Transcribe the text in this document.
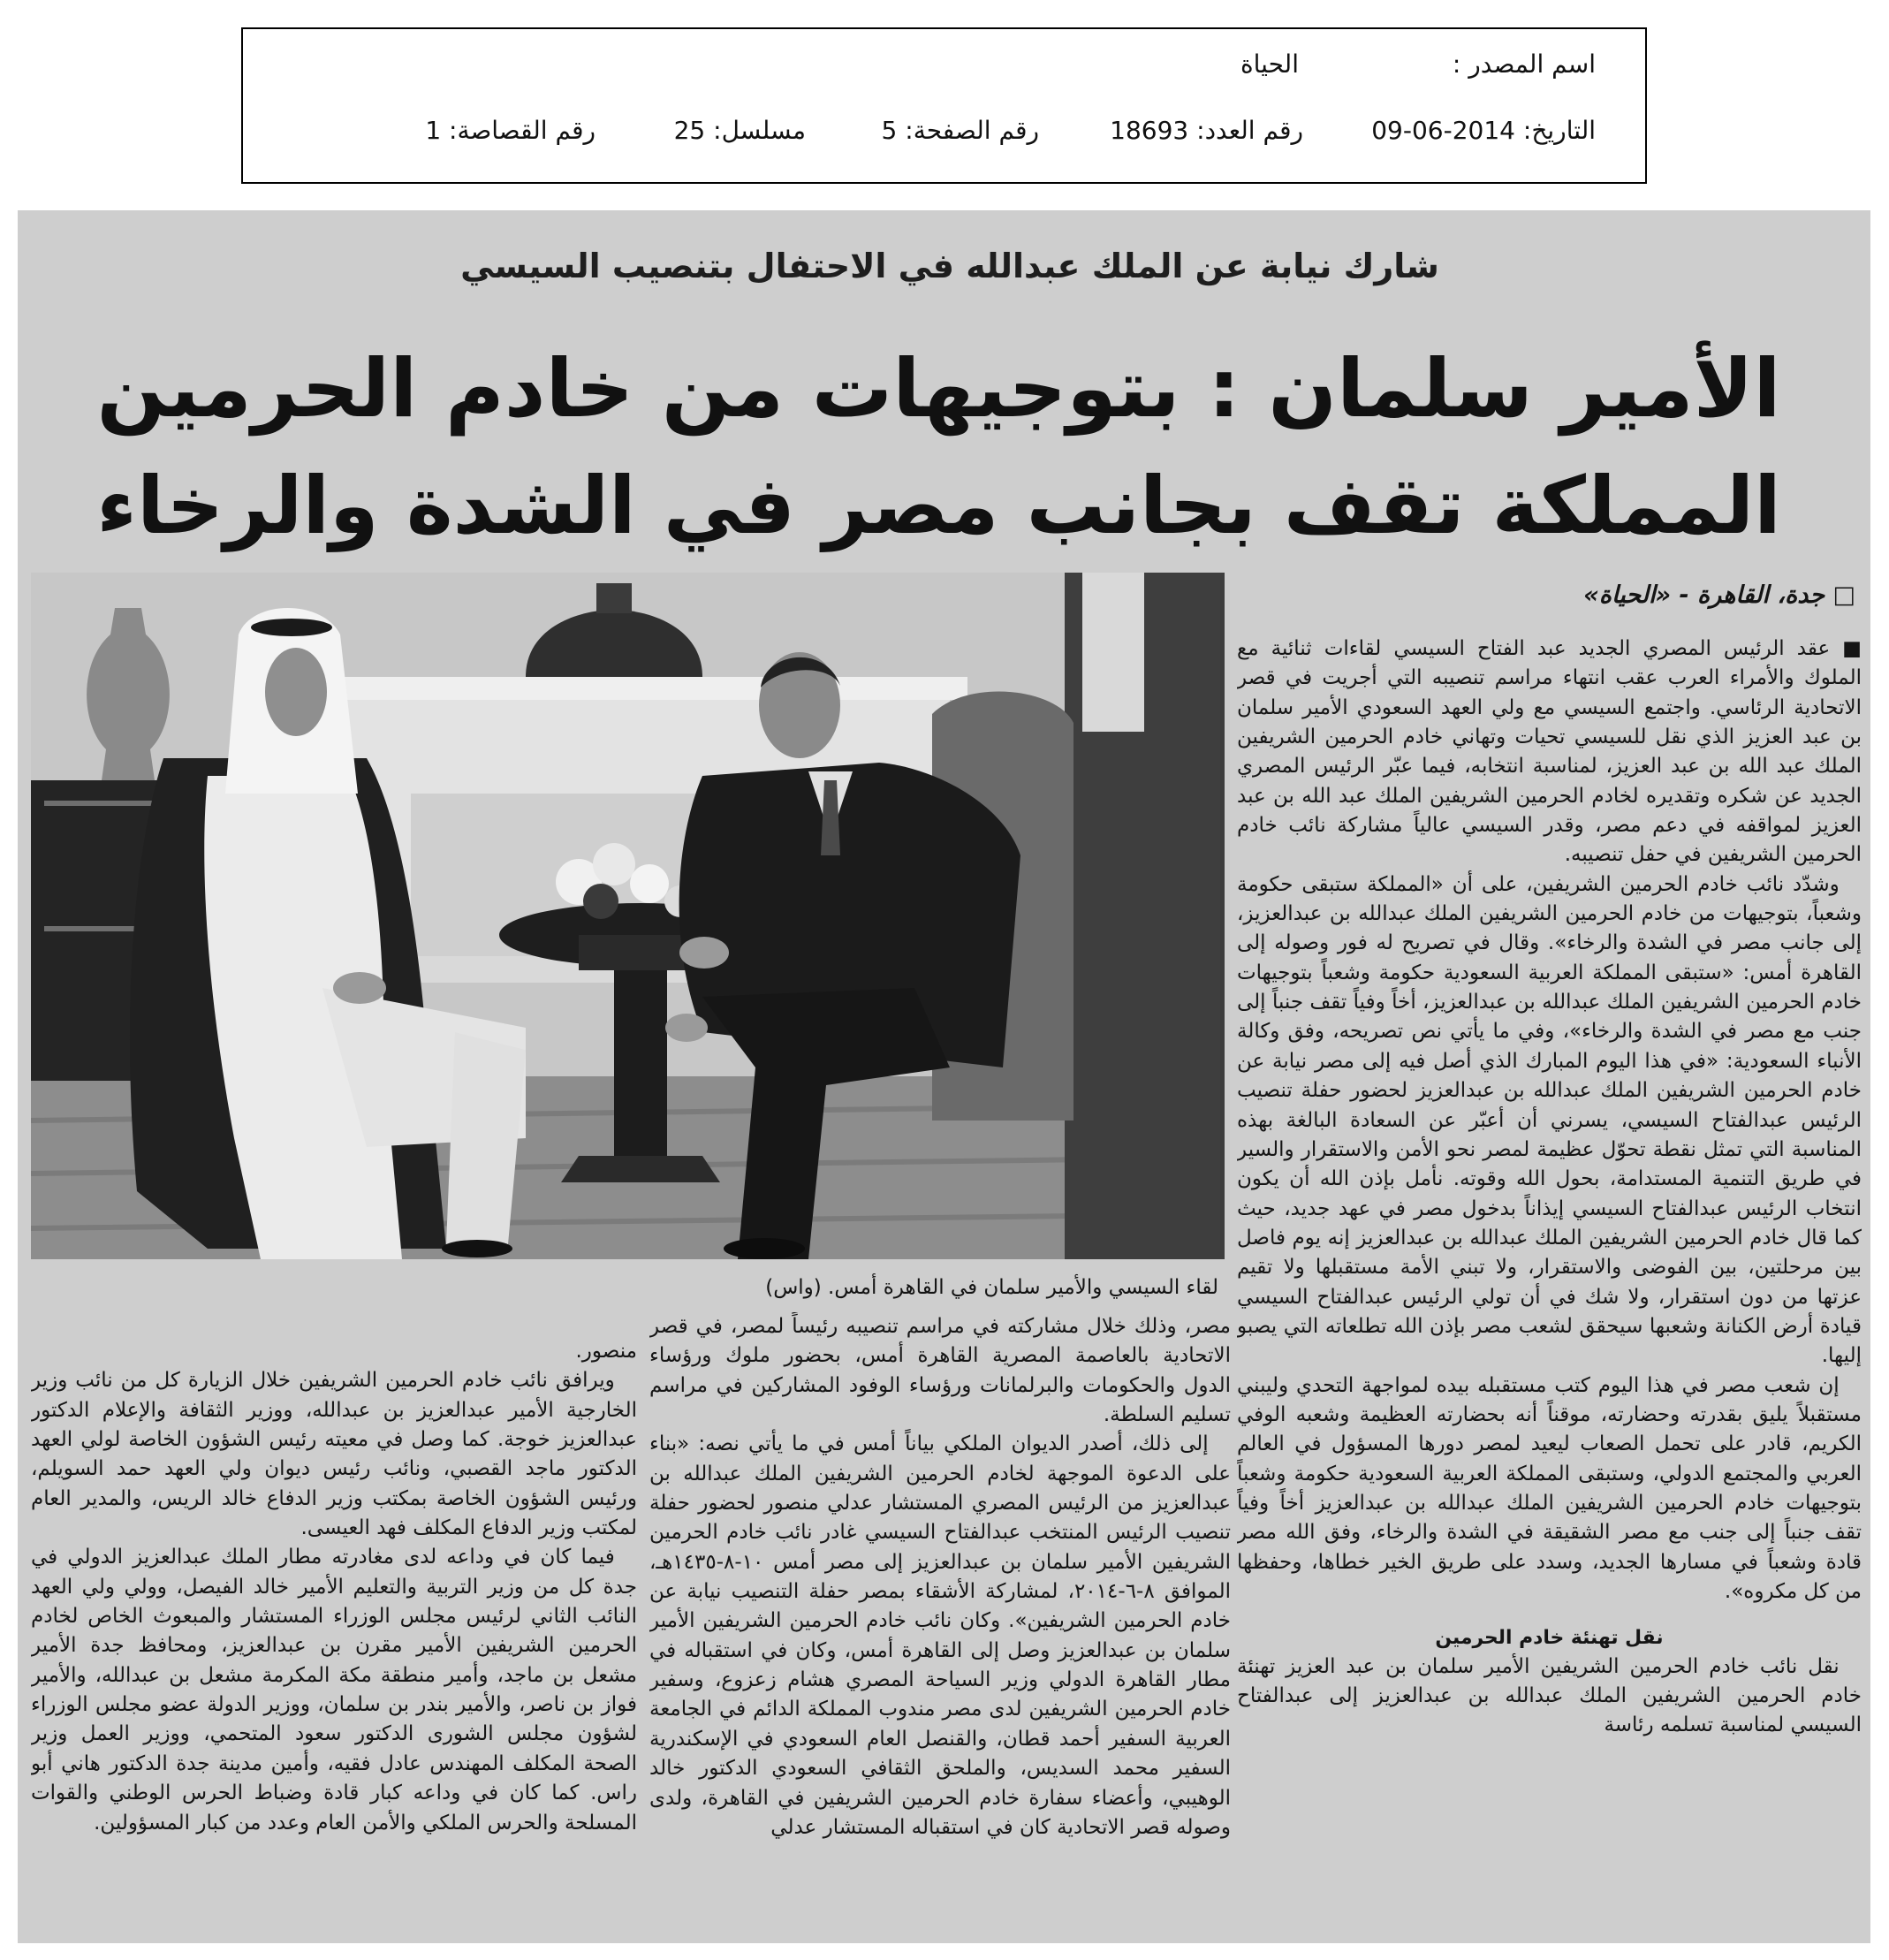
اسم المصدر :
الحياة
التاريخ: 2014-06-09
رقم العدد: 18693
رقم الصفحة: 5
مسلسل: 25
رقم القصاصة: 1
شارك نيابة عن الملك عبدالله في الاحتفال بتنصيب السيسي
الأمير سلمان : بتوجيهات من خادم الحرمين
المملكة تقف بجانب مصر في الشدة والرخاء
□ جدة، القاهرة - «الحياة»
لقاء السيسي والأمير سلمان في القاهرة أمس. (واس)

■ عقد الرئيس المصري الجديد عبد الفتاح السيسي لقاءات ثنائية مع الملوك والأمراء العرب عقب انتهاء مراسم تنصيبه التي أجريت في قصر الاتحادية الرئاسي. واجتمع السيسي مع ولي العهد السعودي الأمير سلمان بن عبد العزيز الذي نقل للسيسي تحيات وتهاني خادم الحرمين الشريفين الملك عبد الله بن عبد العزيز، لمناسبة انتخابه، فيما عبّر الرئيس المصري الجديد عن شكره وتقديره لخادم الحرمين الشريفين الملك عبد الله بن عبد العزيز لمواقفه في دعم مصر، وقدر السيسي عالياً مشاركة نائب خادم الحرمين الشريفين في حفل تنصيبه.

وشدّد نائب خادم الحرمين الشريفين، على أن «المملكة ستبقى حكومة وشعباً، بتوجيهات من خادم الحرمين الشريفين الملك عبدالله بن عبدالعزيز، إلى جانب مصر في الشدة والرخاء». وقال في تصريح له فور وصوله إلى القاهرة أمس: «ستبقى المملكة العربية السعودية حكومة وشعباً بتوجيهات خادم الحرمين الشريفين الملك عبدالله بن عبدالعزيز، أخاً وفياً تقف جنباً إلى جنب مع مصر في الشدة والرخاء»، وفي ما يأتي نص تصريحه، وفق وكالة الأنباء السعودية: «في هذا اليوم المبارك الذي أصل فيه إلى مصر نيابة عن خادم الحرمين الشريفين الملك عبدالله بن عبدالعزيز لحضور حفلة تنصيب الرئيس عبدالفتاح السيسي، يسرني أن أعبّر عن السعادة البالغة بهذه المناسبة التي تمثل نقطة تحوّل عظيمة لمصر نحو الأمن والاستقرار والسير في طريق التنمية المستدامة، بحول الله وقوته. نأمل بإذن الله أن يكون انتخاب الرئيس عبدالفتاح السيسي إيذاناً بدخول مصر في عهد جديد، حيث كما قال خادم الحرمين الشريفين الملك عبدالله بن عبدالعزيز إنه يوم فاصل بين مرحلتين، بين الفوضى والاستقرار، ولا تبني الأمة مستقبلها ولا تقيم عزتها من دون استقرار، ولا شك في أن تولي الرئيس عبدالفتاح السيسي قيادة أرض الكنانة وشعبها سيحقق لشعب مصر بإذن الله تطلعاته التي يصبو إليها.

إن شعب مصر في هذا اليوم كتب مستقبله بيده لمواجهة التحدي وليبني مستقبلاً يليق بقدرته وحضارته، موقناً أنه بحضارته العظيمة وشعبه الوفي الكريم، قادر على تحمل الصعاب ليعيد لمصر دورها المسؤول في العالم العربي والمجتمع الدولي، وستبقى المملكة العربية السعودية حكومة وشعباً بتوجيهات خادم الحرمين الشريفين الملك عبدالله بن عبدالعزيز أخاً وفياً تقف جنباً إلى جنب مع مصر الشقيقة في الشدة والرخاء، وفق الله مصر قادة وشعباً في مسارها الجديد، وسدد على طريق الخير خطاها، وحفظها من كل مكروه».

نقل تهنئة خادم الحرمين

نقل نائب خادم الحرمين الشريفين الأمير سلمان بن عبد العزيز تهنئة خادم الحرمين الشريفين الملك عبدالله بن عبدالعزيز إلى عبدالفتاح السيسي لمناسبة تسلمه رئاسة

مصر، وذلك خلال مشاركته في مراسم تنصيبه رئيساً لمصر، في قصر الاتحادية بالعاصمة المصرية القاهرة أمس، بحضور ملوك ورؤساء الدول والحكومات والبرلمانات ورؤساء الوفود المشاركين في مراسم تسليم السلطة.

إلى ذلك، أصدر الديوان الملكي بياناً أمس في ما يأتي نصه: «بناء على الدعوة الموجهة لخادم الحرمين الشريفين الملك عبدالله بن عبدالعزيز من الرئيس المصري المستشار عدلي منصور لحضور حفلة تنصيب الرئيس المنتخب عبدالفتاح السيسي غادر نائب خادم الحرمين الشريفين الأمير سلمان بن عبدالعزيز إلى مصر أمس ١٠-٨-١٤٣٥هـ، الموافق ٨-٦-٢٠١٤، لمشاركة الأشقاء بمصر حفلة التنصيب نيابة عن خادم الحرمين الشريفين». وكان نائب خادم الحرمين الشريفين الأمير سلمان بن عبدالعزيز وصل إلى القاهرة أمس، وكان في استقباله في مطار القاهرة الدولي وزير السياحة المصري هشام زعزوع، وسفير خادم الحرمين الشريفين لدى مصر مندوب المملكة الدائم في الجامعة العربية السفير أحمد قطان، والقنصل العام السعودي في الإسكندرية السفير محمد السديس، والملحق الثقافي السعودي الدكتور خالد الوهيبي، وأعضاء سفارة خادم الحرمين الشريفين في القاهرة، ولدى وصوله قصر الاتحادية كان في استقباله المستشار عدلي

منصور.

ويرافق نائب خادم الحرمين الشريفين خلال الزيارة كل من نائب وزير الخارجية الأمير عبدالعزيز بن عبدالله، ووزير الثقافة والإعلام الدكتور عبدالعزيز خوجة. كما وصل في معيته رئيس الشؤون الخاصة لولي العهد الدكتور ماجد القصبي، ونائب رئيس ديوان ولي العهد حمد السويلم، ورئيس الشؤون الخاصة بمكتب وزير الدفاع خالد الريس، والمدير العام لمكتب وزير الدفاع المكلف فهد العيسى.

فيما كان في وداعه لدى مغادرته مطار الملك عبدالعزيز الدولي في جدة كل من وزير التربية والتعليم الأمير خالد الفيصل، وولي ولي العهد النائب الثاني لرئيس مجلس الوزراء المستشار والمبعوث الخاص لخادم الحرمين الشريفين الأمير مقرن بن عبدالعزيز، ومحافظ جدة الأمير مشعل بن ماجد، وأمير منطقة مكة المكرمة مشعل بن عبدالله، والأمير فواز بن ناصر، والأمير بندر بن سلمان، ووزير الدولة عضو مجلس الوزراء لشؤون مجلس الشورى الدكتور سعود المتحمي، ووزير العمل وزير الصحة المكلف المهندس عادل فقيه، وأمين مدينة جدة الدكتور هاني أبو راس. كما كان في وداعه كبار قادة وضباط الحرس الوطني والقوات المسلحة والحرس الملكي والأمن العام وعدد من كبار المسؤولين.
